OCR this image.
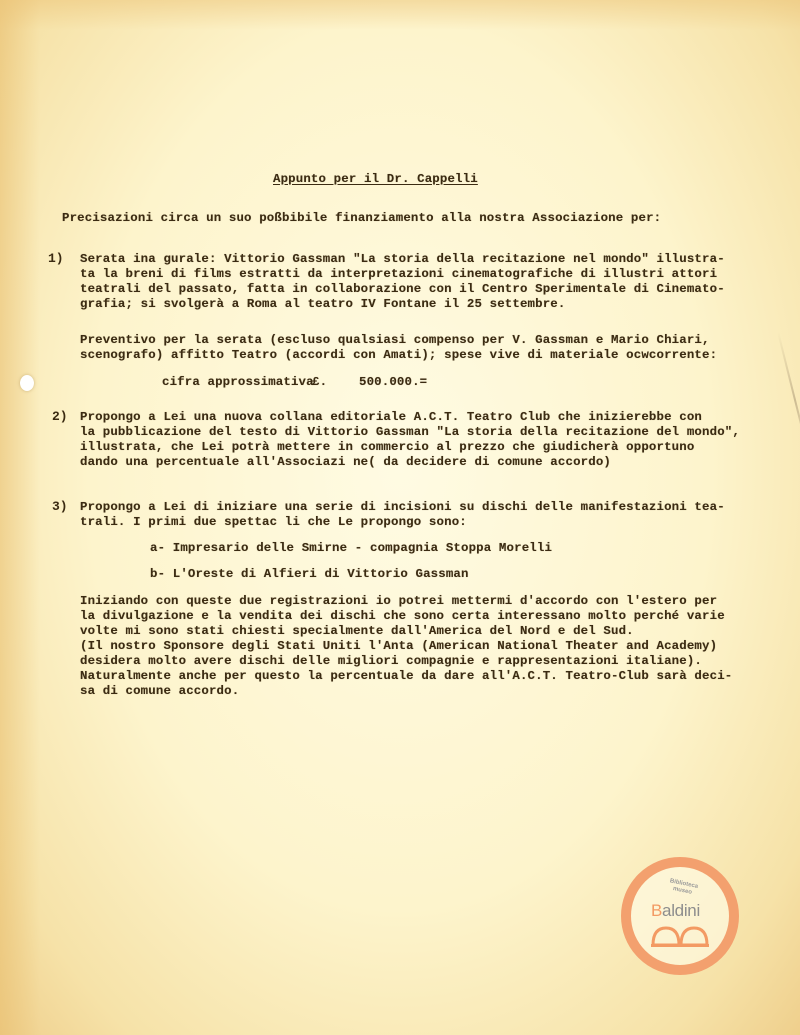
Appunto per il Dr. Cappelli
Precisazioni circa un suo poßbibile finanziamento alla nostra Associazione per:
1) Serata ina gurale: Vittorio Gassman "La storia della recitazione nel mondo" illustra-
ta la breni di films estratti da interpretazioni cinematografiche di illustri attori
teatrali del passato, fatta in collaborazione con il Centro Sperimentale di Cinemato-
grafia; si svolgerà a Roma al teatro IV Fontane il 25 settembre.
Preventivo per la serata (escluso qualsiasi compenso per V. Gassman e Mario Chiari,
scenografo) affitto Teatro (accordi con Amati); spese vive di materiale ocwcorrente:
cifra approssimativa
£.	500.000.=
2) Propongo a Lei una nuova collana editoriale A.C.T. Teatro Club che inizierebbe con
la pubblicazione del testo di Vittorio Gassman "La storia della recitazione del mondo",
illustrata, che Lei potrà mettere in commercio al prezzo che giudicherà opportuno
dando una percentuale all'Associazi ne( da decidere di comune accordo)
3) Propongo a Lei di iniziare una serie di incisioni su dischi delle manifestazioni tea-
trali. I primi due spettac li che Le propongo sono:
a- Impresario delle Smirne - compagnia Stoppa Morelli
b- L'Oreste di Alfieri di Vittorio Gassman
Iniziando con queste due registrazioni io potrei mettermi d'accordo con l'estero per
la divulgazione e la vendita dei dischi che sono certa interessano molto perché varie
volte mi sono stati chiesti specialmente dall'America del Nord e del Sud.
(Il nostro Sponsore degli Stati Uniti l'Anta (American National Theater and Academy)
desidera molto avere dischi delle migliori compagnie e rappresentazioni italiane).
Naturalmente anche per questo la percentuale da dare all'A.C.T. Teatro-Club sarà deci-
sa di comune accordo.
Biblioteca museo
Baldini
